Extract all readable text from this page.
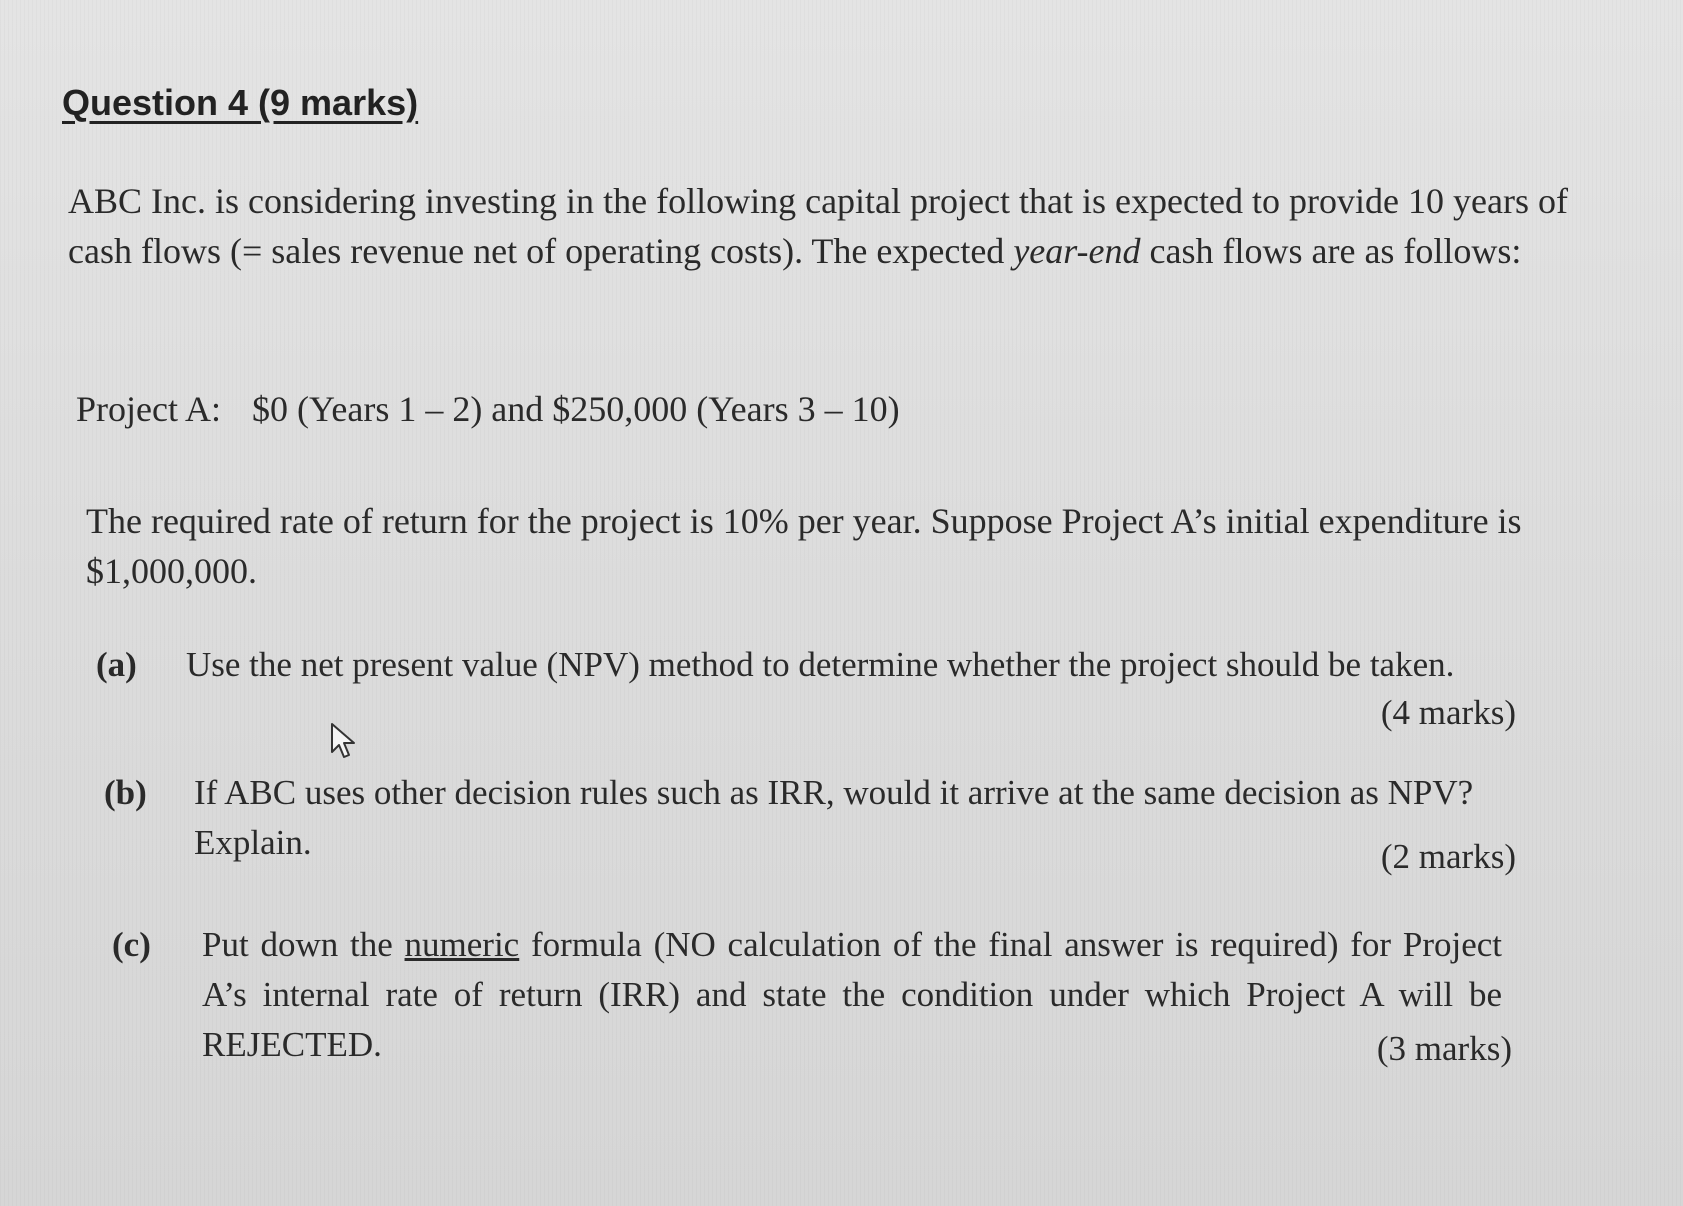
Question 4 (9 marks)
ABC Inc. is considering investing in the following capital project that is expected to provide 10 years of cash flows (= sales revenue net of operating costs). The expected year-end cash flows are as follows:
Project A: $0 (Years 1 – 2) and $250,000 (Years 3 – 10)
The required rate of return for the project is 10% per year. Suppose Project A’s initial expenditure is $1,000,000.
(a) Use the net present value (NPV) method to determine whether the project should be taken.
(4 marks)
(b) If ABC uses other decision rules such as IRR, would it arrive at the same decision as NPV? Explain.	(2 marks)
(c) Put down the numeric formula (NO calculation of the final answer is required) for Project A’s internal rate of return (IRR) and state the condition under which Project A will be REJECTED.	(3 marks)
